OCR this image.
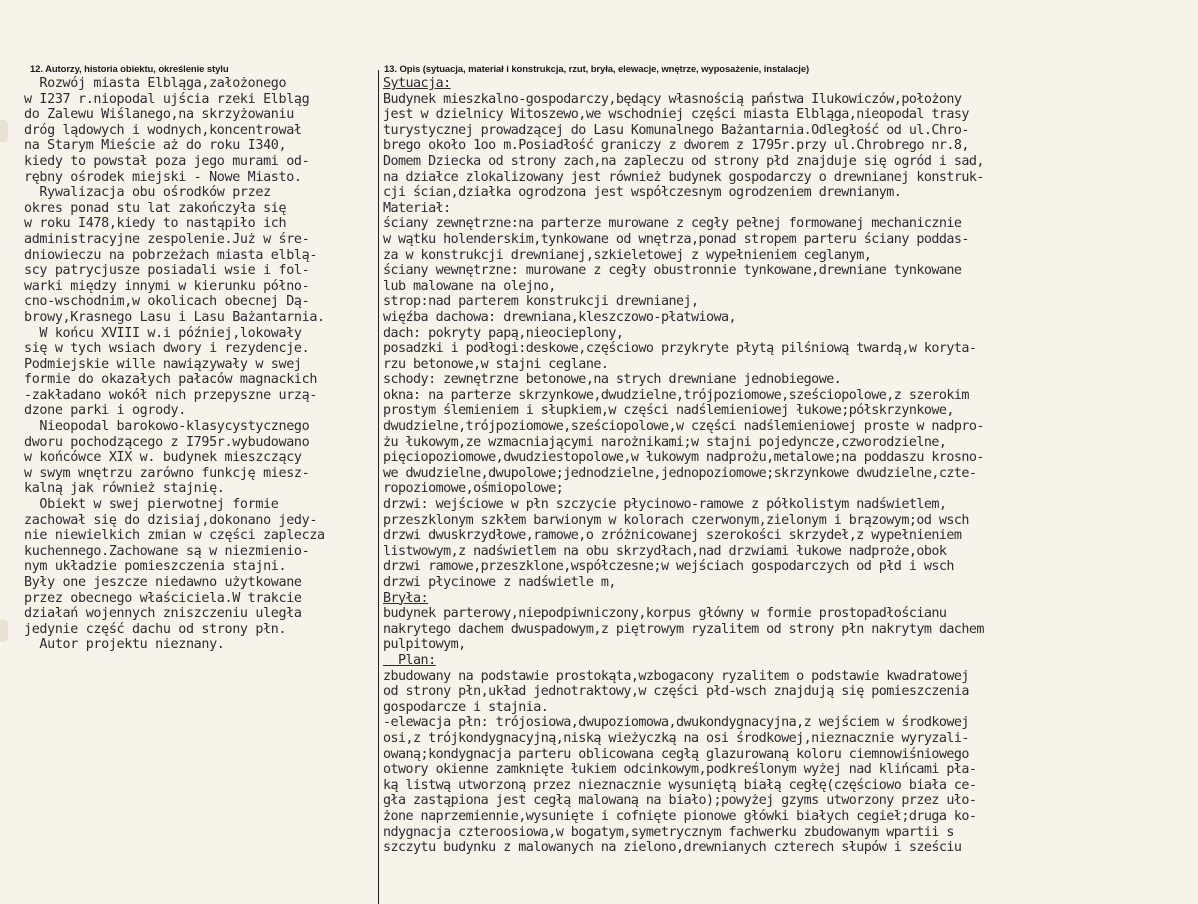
12. Autorzy, historia obiektu, określenie stylu	13. Opis (sytuacja, materiał i konstrukcja, rzut, bryła, elewacje, wnętrze, wyposażenie, instalacje)
Rozwój miasta Elbląga,założonego
w I237 r.niopodal ujścia rzeki Elbląg
do Zalewu Wiślanego,na skrzyżowaniu
dróg lądowych i wodnych,koncentrował
na Starym Mieście aż do roku I340,
kiedy to powstał poza jego murami od-
rębny ośrodek miejski - Nowe Miasto.
Rywalizacja obu ośrodków przez
okres ponad stu lat zakończyła się
w roku I478,kiedy to nastąpiło ich
administracyjne zespolenie.Już w śre-
dniowieczu na pobrzeżach miasta elblą-
scy patrycjusze posiadali wsie i fol-
warki między innymi w kierunku półno-
cno-wschodnim,w okolicach obecnej Dą-
browy,Krasnego Lasu i Lasu Bażantarnia.
W końcu XVIII w.i później,lokowały
się w tych wsiach dwory i rezydencje.
Podmiejskie wille nawiązywały w swej
formie do okazałych pałaców magnackich
-zakładano wokół nich przepyszne urzą-
dzone parki i ogrody.
Nieopodal barokowo-klasycystycznego
dworu pochodzącego z I795r.wybudowano
w końcówce XIX w. budynek mieszczący
w swym wnętrzu zarówno funkcję miesz-
kalną jak również stajnię.
Obiekt w swej pierwotnej formie
zachował się do dzisiaj,dokonano jedy-
nie niewielkich zmian w części zaplecza
kuchennego.Zachowane są w niezmienio-
nym układzie pomieszczenia stajni.
Były one jeszcze niedawno użytkowane
przez obecnego właściciela.W trakcie
działań wojennych zniszczeniu uległa
jedynie część dachu od strony płn.
Autor projektu nieznany.
Sytuacja:
Budynek mieszkalno-gospodarczy,będący własnością państwa Ilukowiczów,położony
jest w dzielnicy Witoszewo,we wschodniej części miasta Elbląga,nieopodal trasy
turystycznej prowadzącej do Lasu Komunalnego Bażantarnia.Odległość od ul.Chro-
brego około 1oo m.Posiadłość graniczy z dworem z 1795r.przy ul.Chrobrego nr.8,
Domem Dziecka od strony zach,na zapleczu od strony płd znajduje się ogród i sad,
na działce zlokalizowany jest również budynek gospodarczy o drewnianej konstruk-
cji ścian,działka ogrodzona jest współczesnym ogrodzeniem drewnianym.
Materiał:
ściany zewnętrzne:na parterze murowane z cegły pełnej formowanej mechanicznie
w wątku holenderskim,tynkowane od wnętrza,ponad stropem parteru ściany poddas-
za w konstrukcji drewnianej,szkieletowej z wypełnieniem ceglanym,
ściany wewnętrzne: murowane z cegły obustronnie tynkowane,drewniane tynkowane
lub malowane na olejno,
strop:nad parterem konstrukcji drewnianej,
więźba dachowa: drewniana,kleszczowo-płatwiowa,
dach: pokryty papą,nieocieplony,
posadzki i podłogi:deskowe,częściowo przykryte płytą pilśniową twardą,w koryta-
rzu betonowe,w stajni ceglane.
schody: zewnętrzne betonowe,na strych drewniane jednobiegowe.
okna: na parterze skrzynkowe,dwudzielne,trójpoziomowe,sześciopolowe,z szerokim
prostym ślemieniem i słupkiem,w części nadślemieniowej łukowe;półskrzynkowe,
dwudzielne,trójpoziomowe,sześciopolowe,w części nadślemieniowej proste w nadpro-
żu łukowym,ze wzmacniającymi narożnikami;w stajni pojedyncze,czworodzielne,
pięciopoziomowe,dwudziestopolowe,w łukowym nadprożu,metalowe;na poddaszu krosno-
we dwudzielne,dwupolowe;jednodzielne,jednopoziomowe;skrzynkowe dwudzielne,czte-
ropoziomowe,ośmiopolowe;
drzwi: wejściowe w płn szczycie płycinowo-ramowe z półkolistym nadświetlem,
przeszklonym szkłem barwionym w kolorach czerwonym,zielonym i brązowym;od wsch
drzwi dwuskrzydłowe,ramowe,o zróżnicowanej szerokości skrzydeł,z wypełnieniem
listwowym,z nadświetlem na obu skrzydłach,nad drzwiami łukowe nadproże,obok
drzwi ramowe,przeszklone,współczesne;w wejściach gospodarczych od płd i wsch
drzwi płycinowe z nadświetle m,
Bryła:
budynek parterowy,niepodpiwniczony,korpus główny w formie prostopadłościanu
nakrytego dachem dwuspadowym,z piętrowym ryzalitem od strony płn nakrytym dachem
pulpitowym,
Plan:
zbudowany na podstawie prostokąta,wzbogacony ryzalitem o podstawie kwadratowej
od strony płn,układ jednotraktowy,w części płd-wsch znajdują się pomieszczenia
gospodarcze i stajnia.
-elewacja płn: trójosiowa,dwupoziomowa,dwukondygnacyjna,z wejściem w środkowej
osi,z trójkondygnacyjną,niską wieżyczką na osi środkowej,nieznacznie wyryzali-
owaną;kondygnacja parteru oblicowana cegłą glazurowaną koloru ciemnowiśniowego
otwory okienne zamknięte łukiem odcinkowym,podkreślonym wyżej nad klińcami pła-
ką listwą utworzoną przez nieznacznie wysuniętą białą cegłę(częściowo biała ce-
gła zastąpiona jest cegłą malowaną na biało);powyżej gzyms utworzony przez uło-
żone naprzemiennie,wysunięte i cofnięte pionowe główki białych cegieł;druga ko-
ndygnacja czteroosiowa,w bogatym,symetrycznym fachwerku zbudowanym wpartii s
szczytu budynku z malowanych na zielono,drewnianych czterech słupów i sześciu
